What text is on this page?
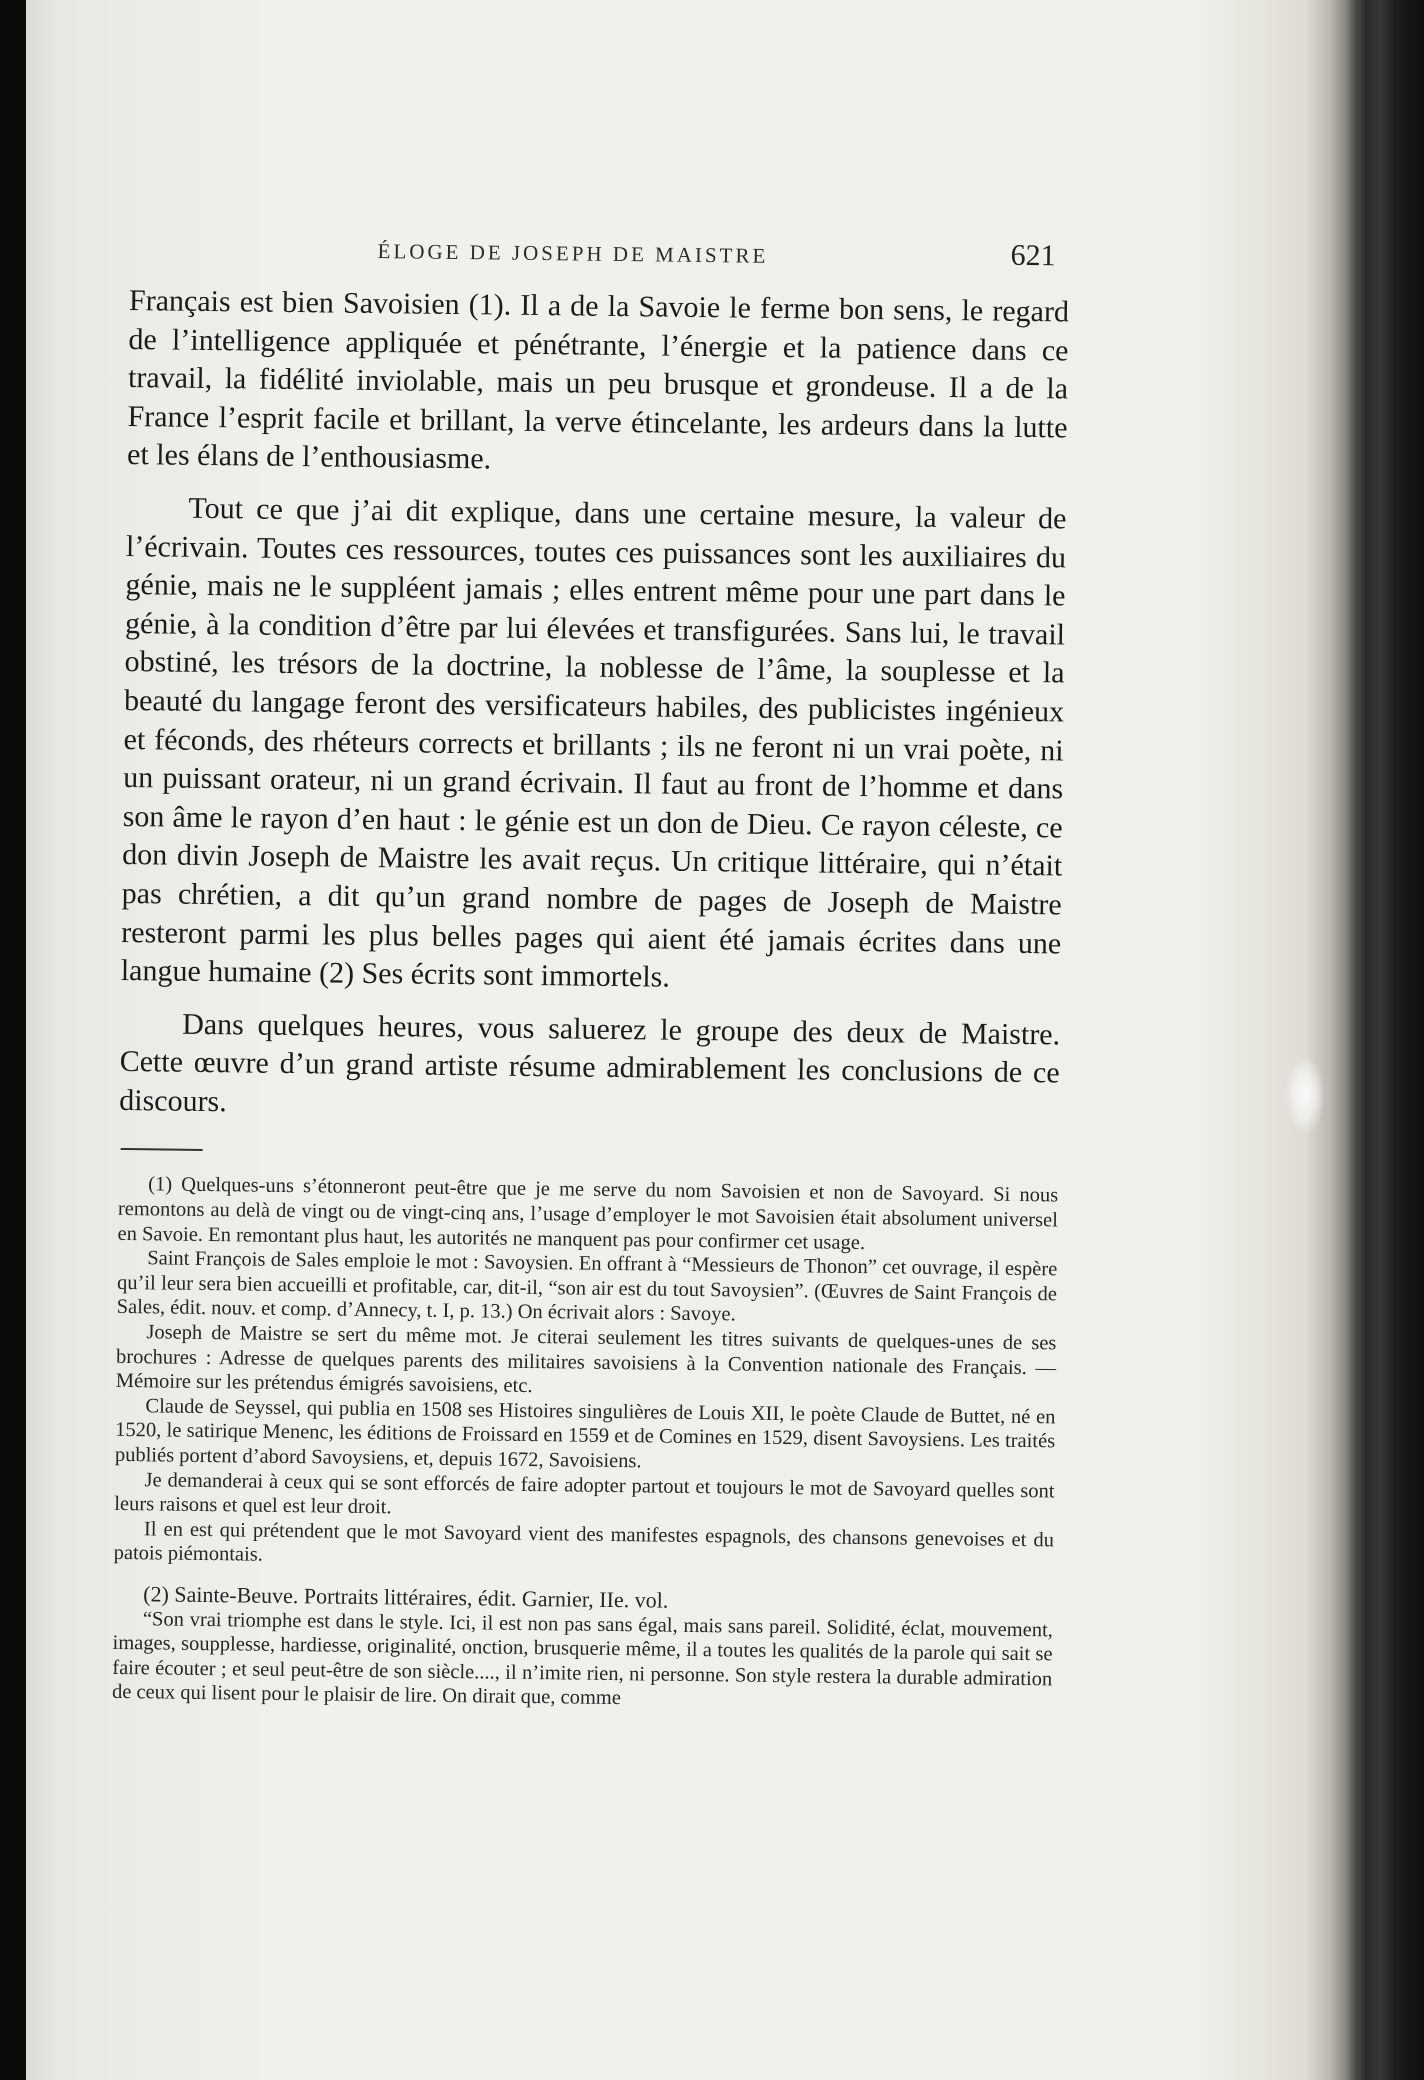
ÉLOGE DE JOSEPH DE MAISTRE	621

Français est bien Savoisien (1). Il a de la Savoie le ferme bon sens, le regard de l’intelligence appliquée et pénétrante, l’énergie et la patience dans ce travail, la fidélité inviolable, mais un peu brusque et grondeuse. Il a de la France l’esprit facile et brillant, la verve étincelante, les ardeurs dans la lutte et les élans de l’enthousiasme.

Tout ce que j’ai dit explique, dans une certaine mesure, la valeur de l’écrivain. Toutes ces ressources, toutes ces puissances sont les auxiliaires du génie, mais ne le suppléent jamais ; elles entrent même pour une part dans le génie, à la condition d’être par lui élevées et transfigurées. Sans lui, le travail obstiné, les trésors de la doctrine, la noblesse de l’âme, la souplesse et la beauté du langage feront des versificateurs habiles, des publicistes ingénieux et féconds, des rhéteurs corrects et brillants ; ils ne feront ni un vrai poète, ni un puissant orateur, ni un grand écrivain. Il faut au front de l’homme et dans son âme le rayon d’en haut : le génie est un don de Dieu. Ce rayon céleste, ce don divin Joseph de Maistre les avait reçus. Un critique littéraire, qui n’était pas chrétien, a dit qu’un grand nombre de pages de Joseph de Maistre resteront parmi les plus belles pages qui aient été jamais écrites dans une langue humaine (2) Ses écrits sont immortels.

Dans quelques heures, vous saluerez le groupe des deux de Maistre. Cette œuvre d’un grand artiste résume admirablement les conclusions de ce discours.

(1) Quelques-uns s’étonneront peut-être que je me serve du nom Savoisien et non de Savoyard. Si nous remontons au delà de vingt ou de vingt-cinq ans, l’usage d’employer le mot Savoisien était absolument universel en Savoie. En remontant plus haut, les autorités ne manquent pas pour confirmer cet usage.

Saint François de Sales emploie le mot : Savoysien. En offrant à “Messieurs de Thonon” cet ouvrage, il espère qu’il leur sera bien accueilli et profitable, car, dit-il, “son air est du tout Savoysien”. (Œuvres de Saint François de Sales, édit. nouv. et comp. d’Annecy, t. I, p. 13.) On écrivait alors : Savoye.

Joseph de Maistre se sert du même mot. Je citerai seulement les titres suivants de quelques-unes de ses brochures : Adresse de quelques parents des militaires savoisiens à la Convention nationale des Français. — Mémoire sur les prétendus émigrés savoisiens, etc.

Claude de Seyssel, qui publia en 1508 ses Histoires singulières de Louis XII, le poète Claude de Buttet, né en 1520, le satirique Menenc, les éditions de Froissard en 1559 et de Comines en 1529, disent Savoysiens. Les traités publiés portent d’abord Savoysiens, et, depuis 1672, Savoisiens.

Je demanderai à ceux qui se sont efforcés de faire adopter partout et toujours le mot de Savoyard quelles sont leurs raisons et quel est leur droit.

Il en est qui prétendent que le mot Savoyard vient des manifestes espagnols, des chansons genevoises et du patois piémontais.

(2) Sainte-Beuve. Portraits littéraires, édit. Garnier, IIe. vol.

“Son vrai triomphe est dans le style. Ici, il est non pas sans égal, mais sans pareil. Solidité, éclat, mouvement, images, soupplesse, hardiesse, originalité, onction, brusquerie même, il a toutes les qualités de la parole qui sait se faire écouter ; et seul peut-être de son siècle...., il n’imite rien, ni personne. Son style restera la durable admiration de ceux qui lisent pour le plaisir de lire. On dirait que, comme
